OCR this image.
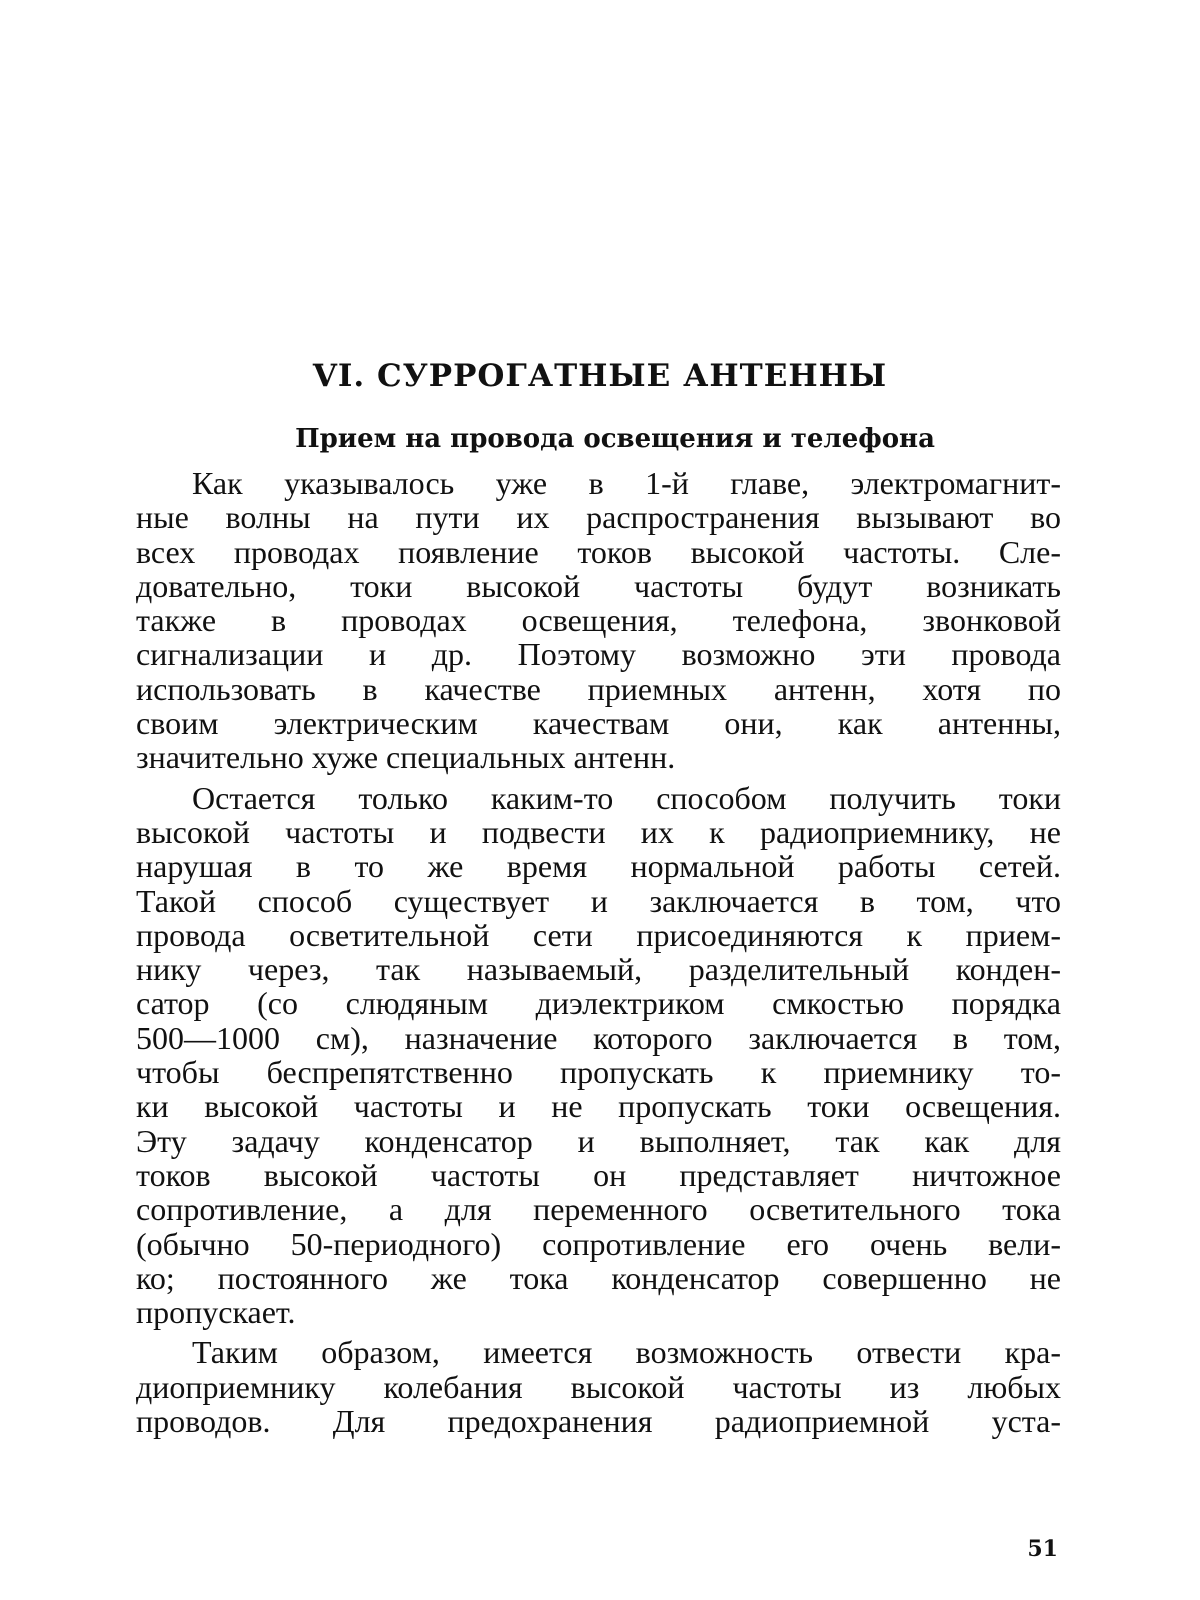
VI. СУРРОГАТНЫЕ АНТЕННЫ
Прием на провода освещения и телефона
Как указывалось уже в 1-й главе, электромагнит-
ные волны на пути их распространения вызывают во
всех проводах появление токов высокой частоты. Сле-
довательно, токи высокой частоты будут возникать
также в проводах освещения, телефона, звонковой
сигнализации и др. Поэтому возможно эти провода
использовать в качестве приемных антенн, хотя по
своим электрическим качествам они, как антенны,
значительно хуже специальных антенн.
Остается только каким-то способом получить токи
высокой частоты и подвести их к радиоприемнику, не
нарушая в то же время нормальной работы сетей.
Такой способ существует и заключается в том, что
провода осветительной сети присоединяются к прием-
нику через, так называемый, разделительный конден-
сатор (со слюдяным диэлектриком смкостью порядка
500—1000 см), назначение которого заключается в том,
чтобы беспрепятственно пропускать к приемнику то-
ки высокой частоты и не пропускать токи освещения.
Эту задачу конденсатор и выполняет, так как для
токов высокой частоты он представляет ничтожное
сопротивление, а для переменного осветительного тока
(обычно 50-периодного) сопротивление его очень вели-
ко; постоянного же тока конденсатор совершенно не
пропускает.
Таким образом, имеется возможность отвести кра-
диоприемнику колебания высокой частоты из любых
проводов. Для предохранения радиоприемной уста-
51
